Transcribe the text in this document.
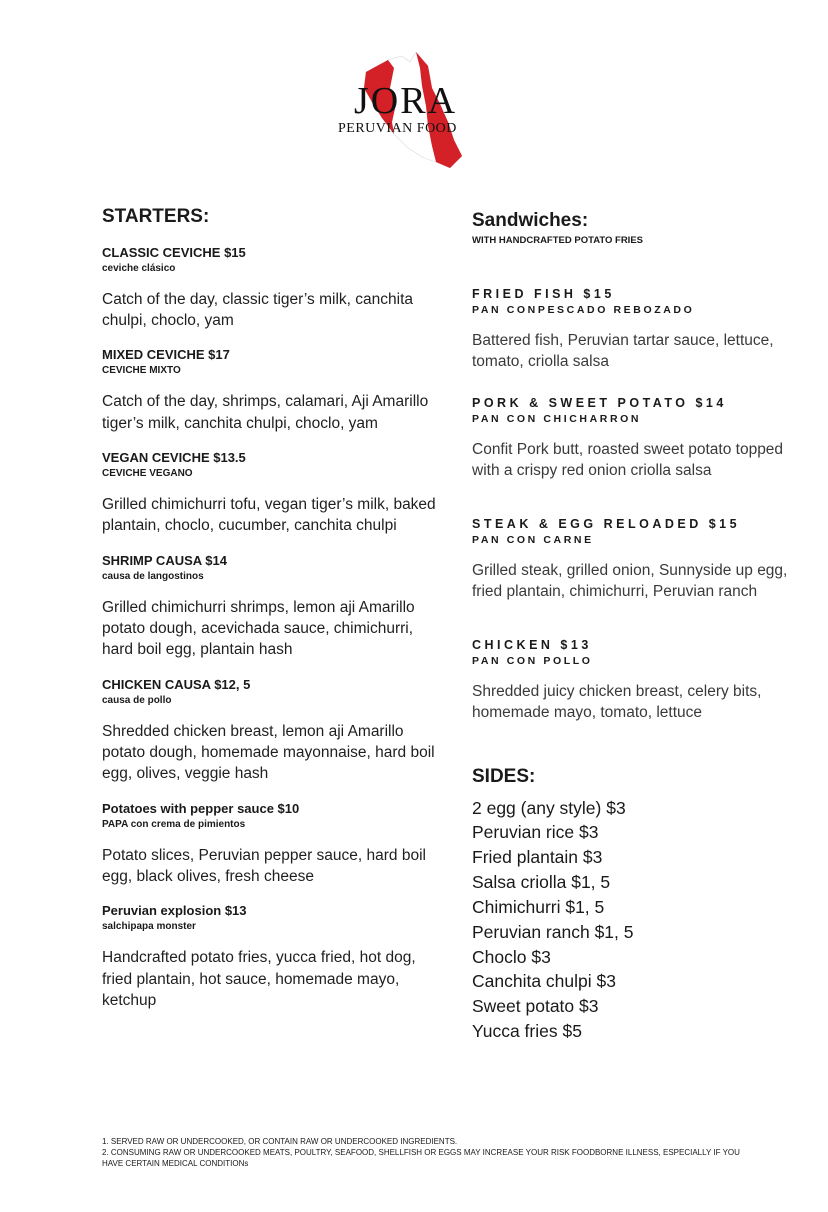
JORA
PERUVIAN FOOD
STARTERS:
CLASSIC CEVICHE $15
ceviche clásico
Catch of the day, classic tiger’s milk, canchita chulpi, choclo, yam
MIXED CEVICHE $17
CEVICHE MIXTO
Catch of the day, shrimps, calamari, Aji Amarillo tiger’s milk, canchita chulpi, choclo, yam
VEGAN CEVICHE $13.5
CEVICHE VEGANO
Grilled chimichurri tofu, vegan tiger’s milk, baked plantain, choclo, cucumber, canchita chulpi
SHRIMP CAUSA $14
causa de langostinos
Grilled chimichurri shrimps, lemon aji Amarillo potato dough, acevichada sauce, chimichurri, hard boil egg, plantain hash
CHICKEN CAUSA $12, 5
causa de pollo
Shredded chicken breast, lemon aji Amarillo potato dough, homemade mayonnaise, hard boil egg, olives, veggie hash
Potatoes with pepper sauce $10
PAPA con crema de pimientos
Potato slices, Peruvian pepper sauce, hard boil egg, black olives, fresh cheese
Peruvian explosion $13
salchipapa monster
Handcrafted potato fries, yucca fried, hot dog, fried plantain, hot sauce, homemade mayo, ketchup
Sandwiches:
WITH HANDCRAFTED POTATO FRIES
FRIED FISH $15
PAN CONPESCADO REBOZADO
Battered fish, Peruvian tartar sauce, lettuce, tomato, criolla salsa
PORK & SWEET POTATO $14
PAN CON CHICHARRON
Confit Pork butt, roasted sweet potato topped with a crispy red onion criolla salsa
STEAK & EGG RELOADED $15
PAN CON CARNE
Grilled steak, grilled onion, Sunnyside up egg, fried plantain, chimichurri, Peruvian ranch
CHICKEN $13
PAN CON POLLO
Shredded juicy chicken breast, celery bits, homemade mayo, tomato, lettuce
SIDES:
2 egg (any style) $3
Peruvian rice $3
Fried plantain $3
Salsa criolla $1, 5
Chimichurri $1, 5
Peruvian ranch $1, 5
Choclo $3
Canchita chulpi $3
Sweet potato $3
Yucca fries $5
1. SERVED RAW OR UNDERCOOKED, OR CONTAIN RAW OR UNDERCOOKED INGREDIENTS.
2. CONSUMING RAW OR UNDERCOOKED MEATS, POULTRY, SEAFOOD, SHELLFISH OR EGGS MAY INCREASE YOUR RISK FOODBORNE ILLNESS, ESPECIALLY IF YOU HAVE CERTAIN MEDICAL CONDITIONs
